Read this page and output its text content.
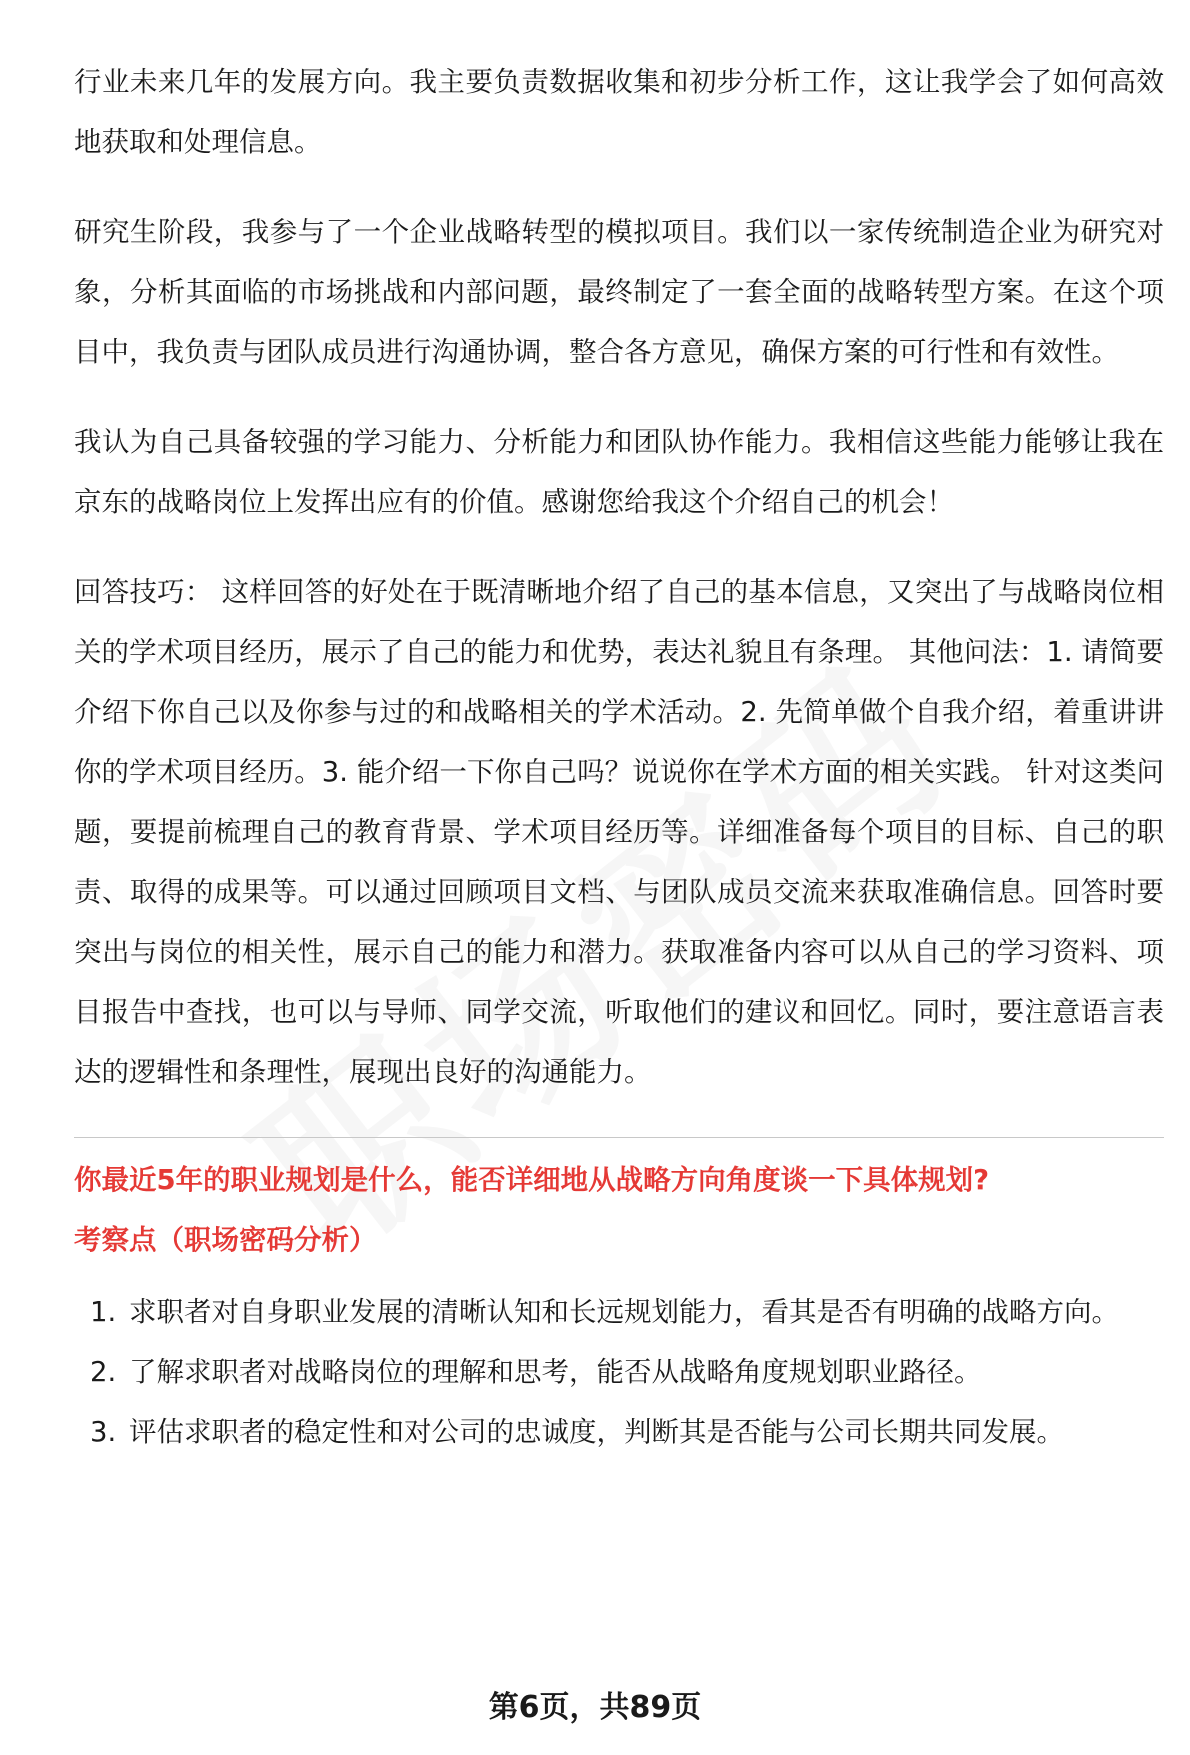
行业未来几年的发展方向。我主要负责数据收集和初步分析工作，这让我学会了如何高效地获取和处理信息。

研究生阶段，我参与了一个企业战略转型的模拟项目。我们以一家传统制造企业为研究对象，分析其面临的市场挑战和内部问题，最终制定了一套全面的战略转型方案。在这个项目中，我负责与团队成员进行沟通协调，整合各方意见，确保方案的可行性和有效性。

我认为自己具备较强的学习能力、分析能力和团队协作能力。我相信这些能力能够让我在京东的战略岗位上发挥出应有的价值。感谢您给我这个介绍自己的机会！

回答技巧： 这样回答的好处在于既清晰地介绍了自己的基本信息，又突出了与战略岗位相关的学术项目经历，展示了自己的能力和优势，表达礼貌且有条理。 其他问法：1. 请简要介绍下你自己以及你参与过的和战略相关的学术活动。2. 先简单做个自我介绍，着重讲讲你的学术项目经历。3. 能介绍一下你自己吗？说说你在学术方面的相关实践。 针对这类问题，要提前梳理自己的教育背景、学术项目经历等。详细准备每个项目的目标、自己的职责、取得的成果等。可以通过回顾项目文档、与团队成员交流来获取准确信息。回答时要突出与岗位的相关性，展示自己的能力和潜力。获取准备内容可以从自己的学习资料、项目报告中查找，也可以与导师、同学交流，听取他们的建议和回忆。同时，要注意语言表达的逻辑性和条理性，展现出良好的沟通能力。

你最近5年的职业规划是什么，能否详细地从战略方向角度谈一下具体规划?

考察点（职场密码分析）

1. 求职者对自身职业发展的清晰认知和长远规划能力，看其是否有明确的战略方向。
2. 了解求职者对战略岗位的理解和思考，能否从战略角度规划职业路径。
3. 评估求职者的稳定性和对公司的忠诚度，判断其是否能与公司长期共同发展。
第6页，共89页
